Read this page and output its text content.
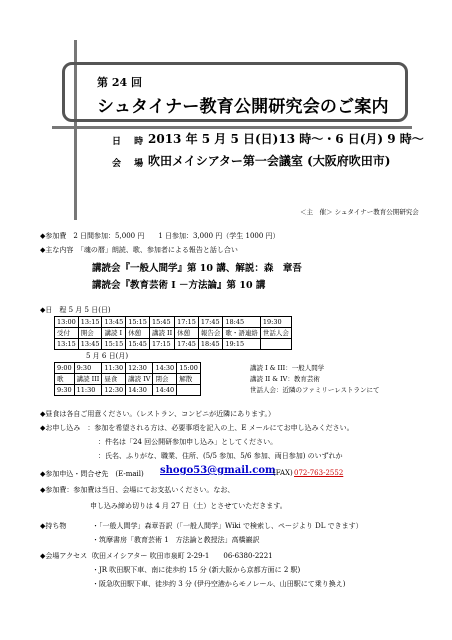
第 24 回
シュタイナー教育公開研究会のご案内
日 時 2013 年 5 月 5 日(日)13 時～・6 日(月) 9 時～
会 場 吹田メイシアター第一会議室 (大阪府吹田市)
＜主　催＞ シュタイナー教育公開研究会
◆参加費　2 日間参加：5,000 円　　1 日参加：3,000 円（学生 1000 円）
◆主な内容　「魂の暦」朗読、歌、参加者による報告と話し合い
講読会『一般人間学』第 10 講、解説：森　章吾
講読会『教育芸術 I －方法論』第 10 講
◆日　程 5 月 5 日(日)
13:00	13:15	13:45	15:15	15:45	17:15	17:45	18:45	19:30
受付	開会	講読 I	休憩	講読 II	休憩	報告会	歌・語連絡	世話人会
13:15	13:45	15:15	15:45	17:15	17:45	18:45	19:15	
5 月 6 日(月)
9:00	9:30	11:30	12:30	14:30	15:00
歌	講読 III	昼食	講読 IV	閉会	解散
9:30	11:30	12:30	14:30	14:40	
講読 I & III：一般人間学
講読 II & IV：教育芸術
世話人会：近隣のファミリーレストランにて
◆昼食は各自ご用意ください。（レストラン、コンビニが近隣にあります。）
◆お申し込み　：参加を希望される方は、必要事項を記入の上、E メールにてお申し込みください。
：件名は「24 回公開研参加申し込み」としてください。
：氏名、ふりがな、職業、住所、(5/5 参加、5/6 参加、両日参加) のいずれか
◆参加申込・問合せ先　(E-mail) shogo53@gmail.com
(FAX) 072-763-2552
◆参加費：参加費は当日、会場にてお支払いください。なお、
申し込み締め切りは 4 月 27 日（土）とさせていただきます。
◆持ち物	・「一般人間学」森章吾訳（「一般人間学」Wiki で検索し、ページより DL できます）
・筑摩書房「教育芸術 1　方法論と教授法」高橋巖訳
◆会場アクセス 吹田メイシアター 吹田市泉町 2-29-1　　06-6380-2221
・JR 吹田駅下車、南に徒歩約 15 分 (新大阪から京都方面に 2 駅)
・阪急吹田駅下車、徒歩約 3 分 (伊丹空港からモノレール、山田駅にて乗り換え)
